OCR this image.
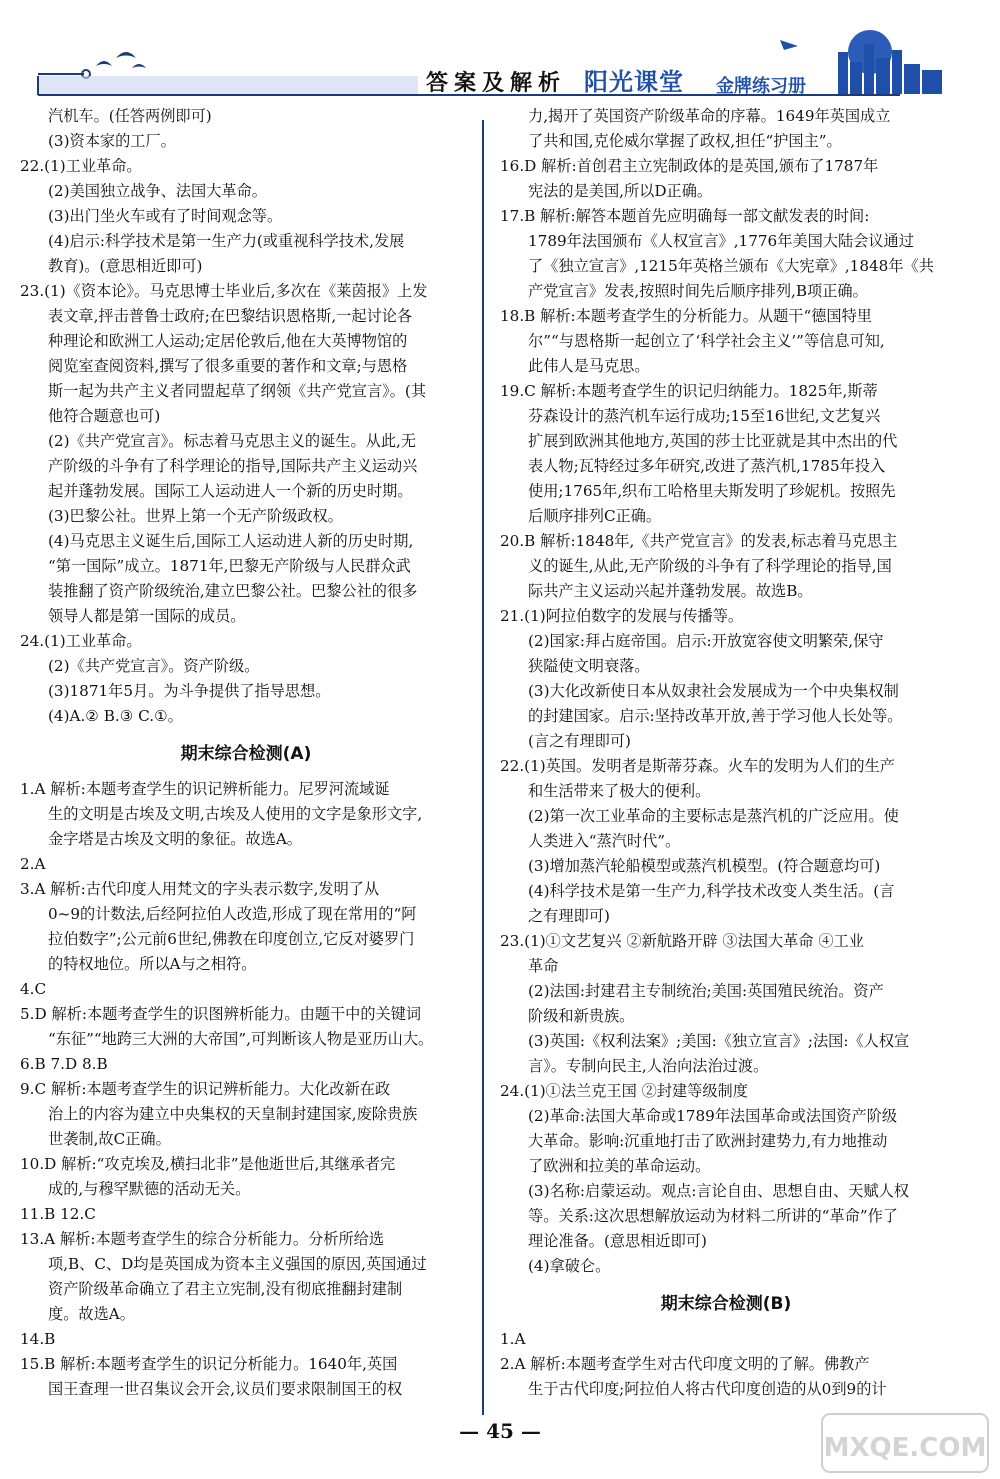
答案及解析 阳光课堂 金牌练习册
汽机车。(任答两例即可)
(3)资本家的工厂。
22.(1)工业革命。
(2)美国独立战争、法国大革命。
(3)出门坐火车或有了时间观念等。
(4)启示:科学技术是第一生产力(或重视科学技术,发展
教育)。(意思相近即可)
23.(1)《资本论》。马克思博士毕业后,多次在《莱茵报》上发
表文章,抨击普鲁士政府;在巴黎结识恩格斯,一起讨论各
种理论和欧洲工人运动;定居伦敦后,他在大英博物馆的
阅览室查阅资料,撰写了很多重要的著作和文章;与恩格
斯一起为共产主义者同盟起草了纲领《共产党宣言》。(其
他符合题意也可)
(2)《共产党宣言》。标志着马克思主义的诞生。从此,无
产阶级的斗争有了科学理论的指导,国际共产主义运动兴
起并蓬勃发展。国际工人运动进人一个新的历史时期。
(3)巴黎公社。世界上第一个无产阶级政权。
(4)马克思主义诞生后,国际工人运动进人新的历史时期,
“第一国际”成立。1871年,巴黎无产阶级与人民群众武
装推翻了资产阶级统治,建立巴黎公社。巴黎公社的很多
领导人都是第一国际的成员。
24.(1)工业革命。
(2)《共产党宣言》。资产阶级。
(3)1871年5月。为斗争提供了指导思想。
(4)A.② B.③ C.①。
期末综合检测(A)
1.A 解析:本题考查学生的识记辨析能力。尼罗河流域诞
生的文明是古埃及文明,古埃及人使用的文字是象形文字,
金字塔是古埃及文明的象征。故选A。
2.A
3.A 解析:古代印度人用梵文的字头表示数字,发明了从
0~9的计数法,后经阿拉伯人改造,形成了现在常用的“阿
拉伯数字”;公元前6世纪,佛教在印度创立,它反对婆罗门
的特权地位。所以A与之相符。
4.C
5.D 解析:本题考查学生的识图辨析能力。由题干中的关键词
“东征”“地跨三大洲的大帝国”,可判断该人物是亚历山大。
6.B 7.D 8.B
9.C 解析:本题考查学生的识记辨析能力。大化改新在政
治上的内容为建立中央集权的天皇制封建国家,废除贵族
世袭制,故C正确。
10.D 解析:“攻克埃及,横扫北非”是他逝世后,其继承者完
成的,与穆罕默德的活动无关。
11.B 12.C
13.A 解析:本题考查学生的综合分析能力。分析所给选
项,B、C、D均是英国成为资本主义强国的原因,英国通过
资产阶级革命确立了君主立宪制,没有彻底推翻封建制
度。故选A。
14.B
15.B 解析:本题考查学生的识记分析能力。1640年,英国
国王查理一世召集议会开会,议员们要求限制国王的权
力,揭开了英国资产阶级革命的序幕。1649年英国成立
了共和国,克伦威尔掌握了政权,担任“护国主”。
16.D 解析:首创君主立宪制政体的是英国,颁布了1787年
宪法的是美国,所以D正确。
17.B 解析:解答本题首先应明确每一部文献发表的时间:
1789年法国颁布《人权宣言》,1776年美国大陆会议通过
了《独立宣言》,1215年英格兰颁布《大宪章》,1848年《共
产党宣言》发表,按照时间先后顺序排列,B项正确。
18.B 解析:本题考查学生的分析能力。从题干“德国特里
尔”“与恩格斯一起创立了‘科学社会主义’”等信息可知,
此伟人是马克思。
19.C 解析:本题考查学生的识记归纳能力。1825年,斯蒂
芬森设计的蒸汽机车运行成功;15至16世纪,文艺复兴
扩展到欧洲其他地方,英国的莎士比亚就是其中杰出的代
表人物;瓦特经过多年研究,改进了蒸汽机,1785年投入
使用;1765年,织布工哈格里夫斯发明了珍妮机。按照先
后顺序排列C正确。
20.B 解析:1848年,《共产党宣言》的发表,标志着马克思主
义的诞生,从此,无产阶级的斗争有了科学理论的指导,国
际共产主义运动兴起并蓬勃发展。故选B。
21.(1)阿拉伯数字的发展与传播等。
(2)国家:拜占庭帝国。启示:开放宽容使文明繁荣,保守
狭隘使文明衰落。
(3)大化改新使日本从奴隶社会发展成为一个中央集权制
的封建国家。启示:坚持改革开放,善于学习他人长处等。
(言之有理即可)
22.(1)英国。发明者是斯蒂芬森。火车的发明为人们的生产
和生活带来了极大的便利。
(2)第一次工业革命的主要标志是蒸汽机的广泛应用。使
人类进入“蒸汽时代”。
(3)增加蒸汽轮船模型或蒸汽机模型。(符合题意均可)
(4)科学技术是第一生产力,科学技术改变人类生活。(言
之有理即可)
23.(1)①文艺复兴 ②新航路开辟 ③法国大革命 ④工业
革命
(2)法国:封建君主专制统治;美国:英国殖民统治。资产
阶级和新贵族。
(3)英国:《权利法案》;美国:《独立宣言》;法国:《人权宣
言》。专制向民主,人治向法治过渡。
24.(1)①法兰克王国 ②封建等级制度
(2)革命:法国大革命或1789年法国革命或法国资产阶级
大革命。影响:沉重地打击了欧洲封建势力,有力地推动
了欧洲和拉美的革命运动。
(3)名称:启蒙运动。观点:言论自由、思想自由、天赋人权
等。关系:这次思想解放运动为材料二所讲的“革命”作了
理论准备。(意思相近即可)
(4)拿破仑。
期末综合检测(B)
1.A
2.A 解析:本题考查学生对古代印度文明的了解。佛教产
生于古代印度;阿拉伯人将古代印度创造的从0到9的计
— 45 —
MXQE.COM
